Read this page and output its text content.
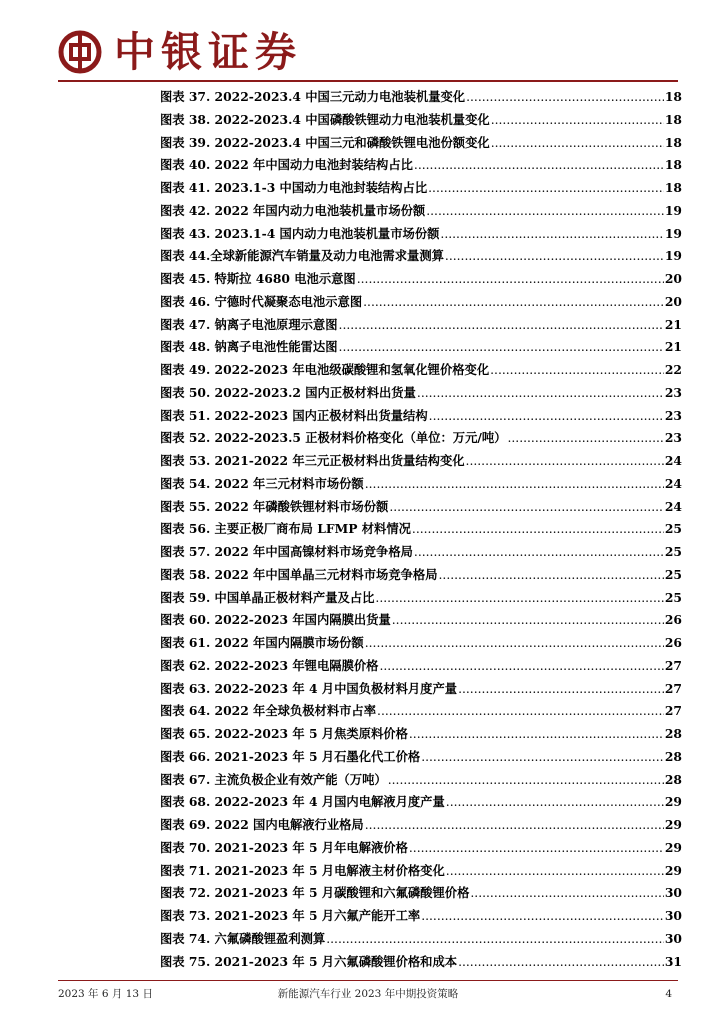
中银证券
图表 37. 2022-2023.4 中国三元动力电池装机量变化 .....	18
图表 38. 2022-2023.4 中国磷酸铁锂动力电池装机量变化 .....	18
图表 39. 2022-2023.4 中国三元和磷酸铁锂电池份额变化 .....	18
图表 40. 2022 年中国动力电池封装结构占比 .....	18
图表 41. 2023.1-3 中国动力电池封装结构占比 .....	18
图表 42. 2022 年国内动力电池装机量市场份额 .....	19
图表 43. 2023.1-4 国内动力电池装机量市场份额 .....	19
图表 44.全球新能源汽车销量及动力电池需求量测算 .....	19
图表 45. 特斯拉 4680 电池示意图 .....	20
图表 46. 宁德时代凝聚态电池示意图 .....	20
图表 47. 钠离子电池原理示意图 .....	21
图表 48. 钠离子电池性能雷达图 .....	21
图表 49. 2022-2023 年电池级碳酸锂和氢氧化锂价格变化 .....	22
图表 50. 2022-2023.2 国内正极材料出货量 .....	23
图表 51. 2022-2023 国内正极材料出货量结构 .....	23
图表 52. 2022-2023.5 正极材料价格变化（单位：万元/吨） .....	23
图表 53. 2021-2022 年三元正极材料出货量结构变化 .....	24
图表 54. 2022 年三元材料市场份额 .....	24
图表 55. 2022 年磷酸铁锂材料市场份额 .....	24
图表 56. 主要正极厂商布局 LFMP 材料情况 .....	25
图表 57. 2022 年中国高镍材料市场竞争格局 .....	25
图表 58. 2022 年中国单晶三元材料市场竞争格局 .....	25
图表 59. 中国单晶正极材料产量及占比 .....	25
图表 60. 2022-2023 年国内隔膜出货量 .....	26
图表 61. 2022 年国内隔膜市场份额 .....	26
图表 62. 2022-2023 年锂电隔膜价格 .....	27
图表 63. 2022-2023 年 4 月中国负极材料月度产量 .....	27
图表 64. 2022 年全球负极材料市占率 .....	27
图表 65. 2022-2023 年 5 月焦类原料价格 .....	28
图表 66. 2021-2023 年 5 月石墨化代工价格 .....	28
图表 67. 主流负极企业有效产能（万吨） .....	28
图表 68. 2022-2023 年 4 月国内电解液月度产量 .....	29
图表 69. 2022 国内电解液行业格局 .....	29
图表 70. 2021-2023 年 5 月年电解液价格 .....	29
图表 71. 2021-2023 年 5 月电解液主材价格变化 .....	29
图表 72. 2021-2023 年 5 月碳酸锂和六氟磷酸锂价格 .....	30
图表 73. 2021-2023 年 5 月六氟产能开工率 .....	30
图表 74. 六氟磷酸锂盈利测算 .....	30
图表 75. 2021-2023 年 5 月六氟磷酸锂价格和成本 .....	31
2023 年 6 月 13 日	新能源汽车行业 2023 年中期投资策略	4
